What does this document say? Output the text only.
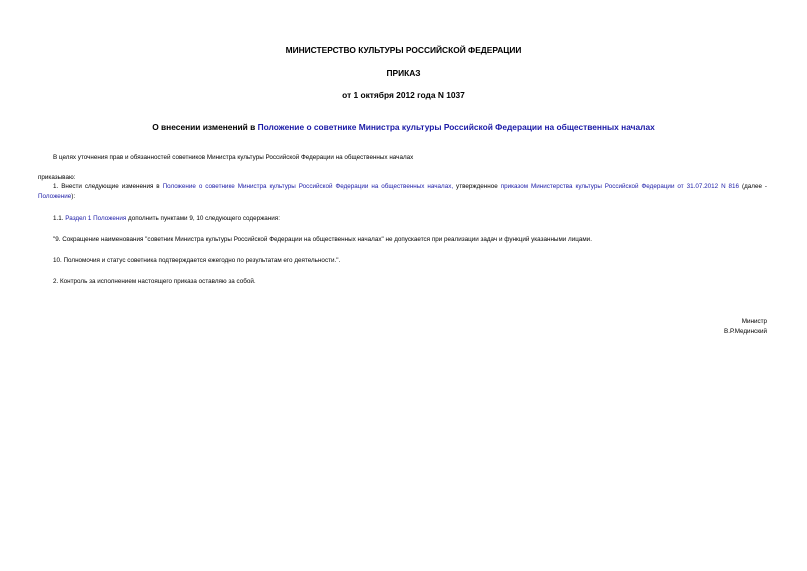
МИНИСТЕРСТВО КУЛЬТУРЫ РОССИЙСКОЙ ФЕДЕРАЦИИ
ПРИКАЗ
от 1 октября 2012 года N 1037
О внесении изменений в Положение о советнике Министра культуры Российской Федерации на общественных началах
В целях уточнения прав и обязанностей советников Министра культуры Российской Федерации на общественных началах
приказываю:
1. Внести следующие изменения в Положение о советнике Министра культуры Российской Федерации на общественных началах, утвержденное приказом Министерства культуры Российской Федерации от 31.07.2012 N 816 (далее - Положение):
1.1. Раздел 1 Положения дополнить пунктами 9, 10 следующего содержания:
"9. Сокращение наименования "советник Министра культуры Российской Федерации на общественных началах" не допускается при реализации задач и функций указанными лицами.
10. Полномочия и статус советника подтверждается ежегодно по результатам его деятельности.".
2. Контроль за исполнением настоящего приказа оставляю за собой.
Министр
В.Р.Мединский
